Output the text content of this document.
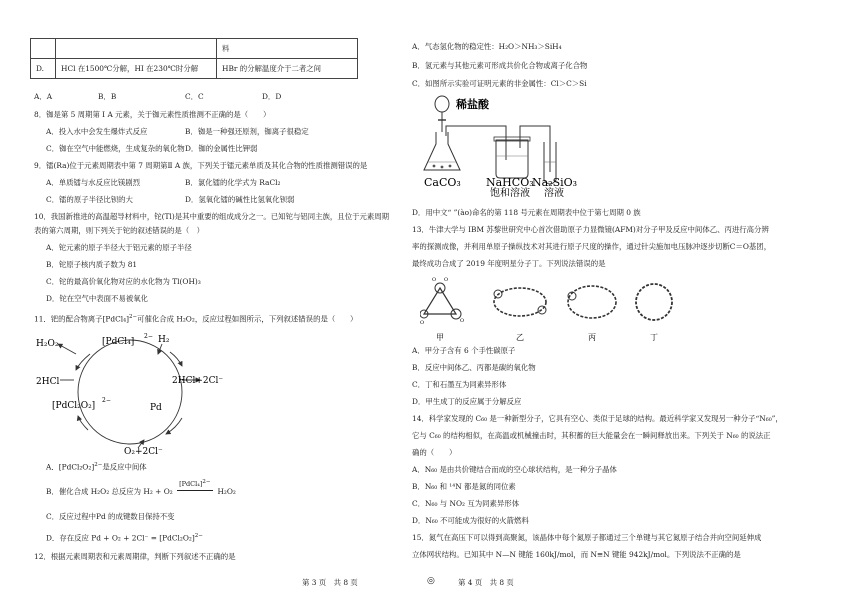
		料
D.	HCl 在1500℃分解，HI 在230℃时分解	HBr 的分解温度介于二者之间
A．A	B．B	C．C	D．D
8．铷是第 5 周期第 Ⅰ A 元素，关于铷元素性质推测不正确的是（　　）
A．投入水中会发生爆炸式反应	B．铷是一种强还原剂，铷离子很稳定
C．铷在空气中能燃烧，生成复杂的氧化物 D．铷的金属性比钾弱
9．镭(Ra)位于元素周期表中第 7 周期第Ⅱ A 族，下列关于镭元素单质及其化合物的性质推测错误的是
A．单质镭与水反应比镁剧烈	B．氯化镭的化学式为 RaCl₂
C．镭的原子半径比钡的大	D．氢氧化镭的碱性比氢氧化钡弱
10．我国新推进的高温超导材料中，铊(Tl)是其中重要的组成成分之一。已知铊与铝同主族，且位于元素周期
表的第六周期，则下列关于铊的叙述错误的是（　）
A．铊元素的原子半径大于铝元素的原子半径
B．铊原子核内质子数为 81
C．铊的最高价氧化物对应的水化物为 Tl(OH)₃
D．铊在空气中表面不易被氧化
11．钯的配合物离子[PdCl₄]$^{2-}$可催化合成 H₂O₂，反应过程如图所示，下列叙述错误的是（　　）
H₂O₂	[PdCl₄]
2− H₂
2HCl	2HCl+2Cl⁻
[PdCl₂O₂]
2−
Pd
O₂+2Cl⁻
A．[PdCl₂O₂]$^{2-}$是反应中间体
B．催化合成 H₂O₂ 总反应为 H₂ + O₂
[PdCl₄]$^{2-}$
H₂O₂
C．反应过程中Pd 的成键数目保持不变
D．存在反应 Pd + O₂ + 2Cl⁻ = [PdCl₂O₂]$^{2-}$
12．根据元素周期表和元素周期律，判断下列叙述不正确的是
第 3 页　共 8 页	◎	第 4 页　共 8 页
A．气态氢化物的稳定性：H₂O＞NH₃＞SiH₄
B．氢元素与其他元素可形成共价化合物或离子化合物
C．如图所示实验可证明元素的非金属性：Cl＞C＞Si
稀盐酸
CaCO₃ NaHCO₃
饱和溶液
Na₂SiO₃
溶液
D．用中文“ ”(ào)命名的第 118 号元素在周期表中位于第七周期 0 族
13．牛津大学与 IBM 苏黎世研究中心首次借助原子力显微镜(AFM)对分子甲及反应中间体乙、丙进行高分辨
率的探测成像，并利用单原子操纵技术对其进行原子尺度的操作，通过针尖施加电压脉冲逐步切断C＝O基团，
最终成功合成了 2019 年度明星分子丁。下列说法错误的是
O O
O
O
甲	乙	丙	丁
A．甲分子含有 6 个手性碳原子
B．反应中间体乙、丙都是碳的氧化物
C．丁和石墨互为同素异形体
D．甲生成丁的反应属于分解反应
14．科学家发现的 C₆₀ 是一种新型分子，它具有空心、类似于足球的结构。最近科学家又发现另一种分子“N₆₀”，
它与 C₆₀ 的结构相似，在高温或机械撞击时，其积蓄的巨大能量会在一瞬间释放出来。下列关于 N₆₀ 的说法正
确的（　　）
A．N₆₀ 是由共价键结合而成的空心球状结构，是一种分子晶体
B．N₆₀ 和 ¹⁴N 都是氮的同位素
C．N₆₀ 与 NO₂ 互为同素异形体
D．N₆₀ 不可能成为很好的火箭燃料
15．氮气在高压下可以得到高聚氮，该晶体中每个氮原子都通过三个单键与其它氮原子结合并向空间延伸成
立体网状结构。已知其中 N—N 键能 160kJ/mol，而 N≡N 键能 942kJ/mol。下列说法不正确的是
